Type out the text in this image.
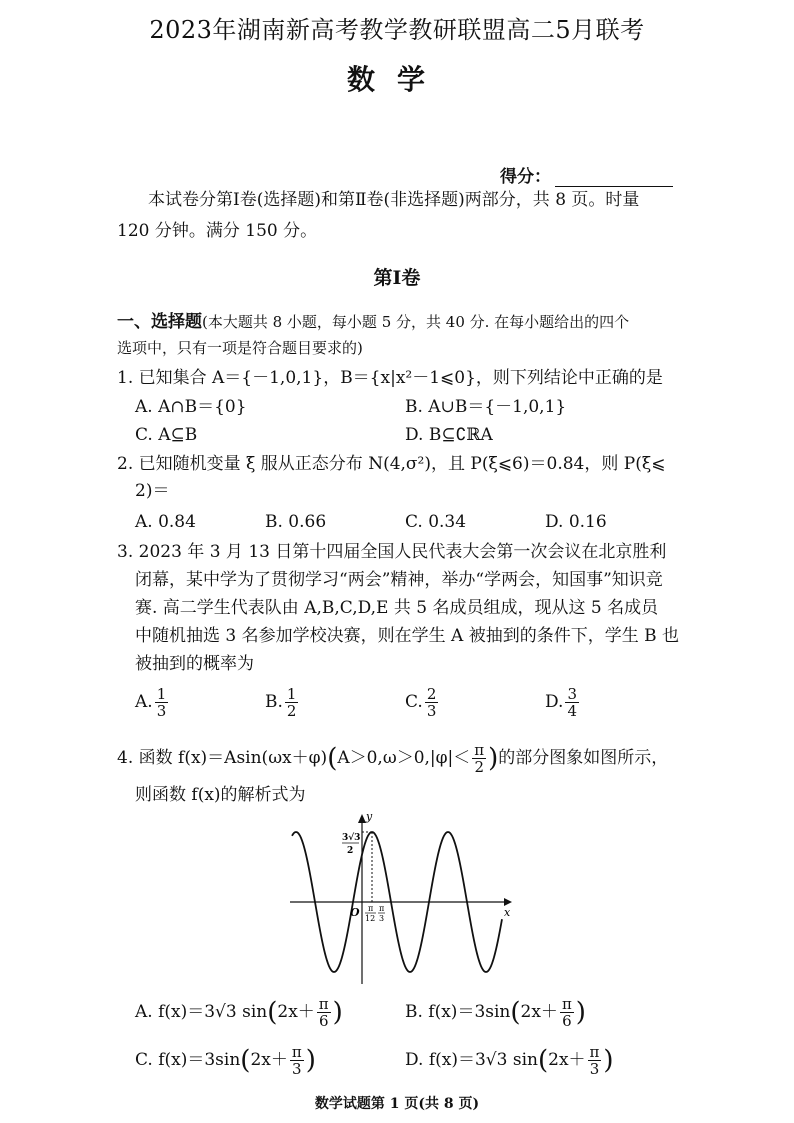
2023年湖南新高考教学教研联盟高二5月联考
数学
得分：
本试卷分第Ⅰ卷(选择题)和第Ⅱ卷(非选择题)两部分，共 8 页。时量
120 分钟。满分 150 分。
第Ⅰ卷
一、选择题(本大题共 8 小题，每小题 5 分，共 40 分. 在每小题给出的四个
选项中，只有一项是符合题目要求的)
1. 已知集合 A＝{－1,0,1}，B＝{x|x²－1⩽0}，则下列结论中正确的是
A. A∩B＝{0}	B. A∪B＝{－1,0,1}
C. A⊆B	D. B⊆∁ℝA
2. 已知随机变量 ξ 服从正态分布 N(4,σ²)，且 P(ξ⩽6)＝0.84，则 P(ξ⩽
2)＝
A. 0.84	B. 0.66	C. 0.34	D. 0.16
3. 2023 年 3 月 13 日第十四届全国人民代表大会第一次会议在北京胜利
闭幕，某中学为了贯彻学习“两会”精神，举办“学两会，知国事”知识竞
赛. 高二学生代表队由 A,B,C,D,E 共 5 名成员组成，现从这 5 名成员
中随机抽选 3 名参加学校决赛，则在学生 A 被抽到的条件下，学生 B 也
被抽到的概率为
A. $\frac{1}{3}$	B. $\frac{1}{2}$	C. $\frac{2}{3}$	D. $\frac{3}{4}$
4. 函数 $f(x)=Asin(\omega x+\varphi)(A>0,\omega>0,|\varphi|< \frac{\pi}{2}$ )的部分图象如图所示，
则函数 f(x)的解析式为
y
x
O
3√3
2
π
12
π
3
A. f(x)＝3√3 $\sin(2x+ \frac{\pi}{6}$ )	B. $f(x)=3\sin(2x+ \frac{\pi}{6}$ )
C. $f(x)=3\sin(2x+ \frac{\pi}{3}$ )	D. f(x)＝3√3 $\sin(2x+ \frac{\pi}{3}$ )
数学试题第 1 页(共 8 页)
